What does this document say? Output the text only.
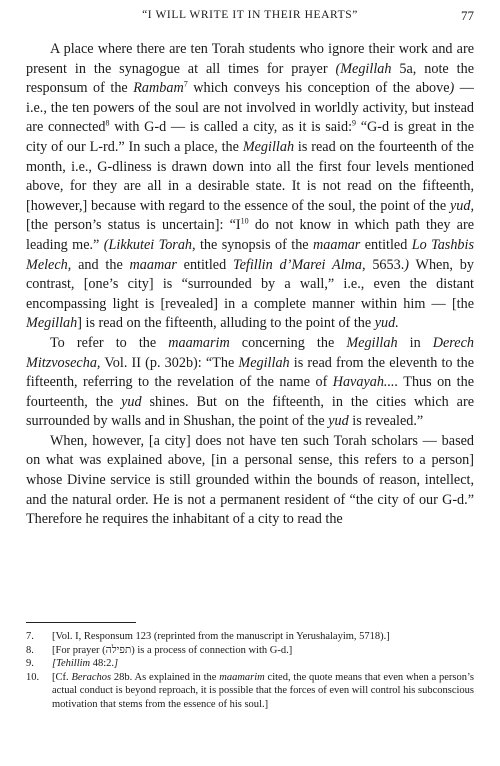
“I WILL WRITE IT IN THEIR HEARTS”	77

A place where there are ten Torah students who ignore their work and are present in the synagogue at all times for prayer (Megillah 5a, note the responsum of the Rambam$^7$ which conveys his conception of the above) — i.e., the ten powers of the soul are not involved in worldly activity, but instead are connected$^8$ with G-d — is called a city, as it is said:$^9$ “G-d is great in the city of our L-rd.” In such a place, the Megillah is read on the fourteenth of the month, i.e., G-dliness is drawn down into all the first four levels mentioned above, for they are all in a desirable state. It is not read on the fifteenth, [however,] because with regard to the essence of the soul, the point of the yud, [the person’s status is uncertain]: “$I^{10}$ do not know in which path they are leading me.” (Likkutei Torah, the synopsis of the maamar entitled Lo Tashbis Melech, and the maamar entitled Tefillin d’Marei Alma, 5653.) When, by contrast, [one’s city] is “surrounded by a wall,” i.e., even the distant encompassing light is [revealed] in a complete manner within him — [the Megillah] is read on the fifteenth, alluding to the point of the yud.

To refer to the maamarim concerning the Megillah in Derech Mitzvosecha, Vol. II (p. 302b): “The Megillah is read from the eleventh to the fifteenth, referring to the revelation of the name of Havayah.... Thus on the fourteenth, the yud shines. But on the fifteenth, in the cities which are surrounded by walls and in Shushan, the point of the yud is revealed.”

When, however, [a city] does not have ten such Torah scholars — based on what was explained above, [in a personal sense, this refers to a person] whose Divine service is still grounded within the bounds of reason, intellect, and the natural order. He is not a permanent resident of “the city of our G-d.” Therefore he requires the inhabitant of a city to read the

7.	[Vol. I, Responsum 123 (reprinted from the manuscript in Yerushalayim, 5718).]
8.	[For prayer (תפילה) is a process of connection with G-d.]
9.	[Tehillim 48:2.]
10.	[Cf. Berachos 28b. As explained in the maamarim cited, the quote means that even when a person’s actual conduct is beyond reproach, it is possible that the forces of even will control his subconscious motivation that stems from the essence of his soul.]
